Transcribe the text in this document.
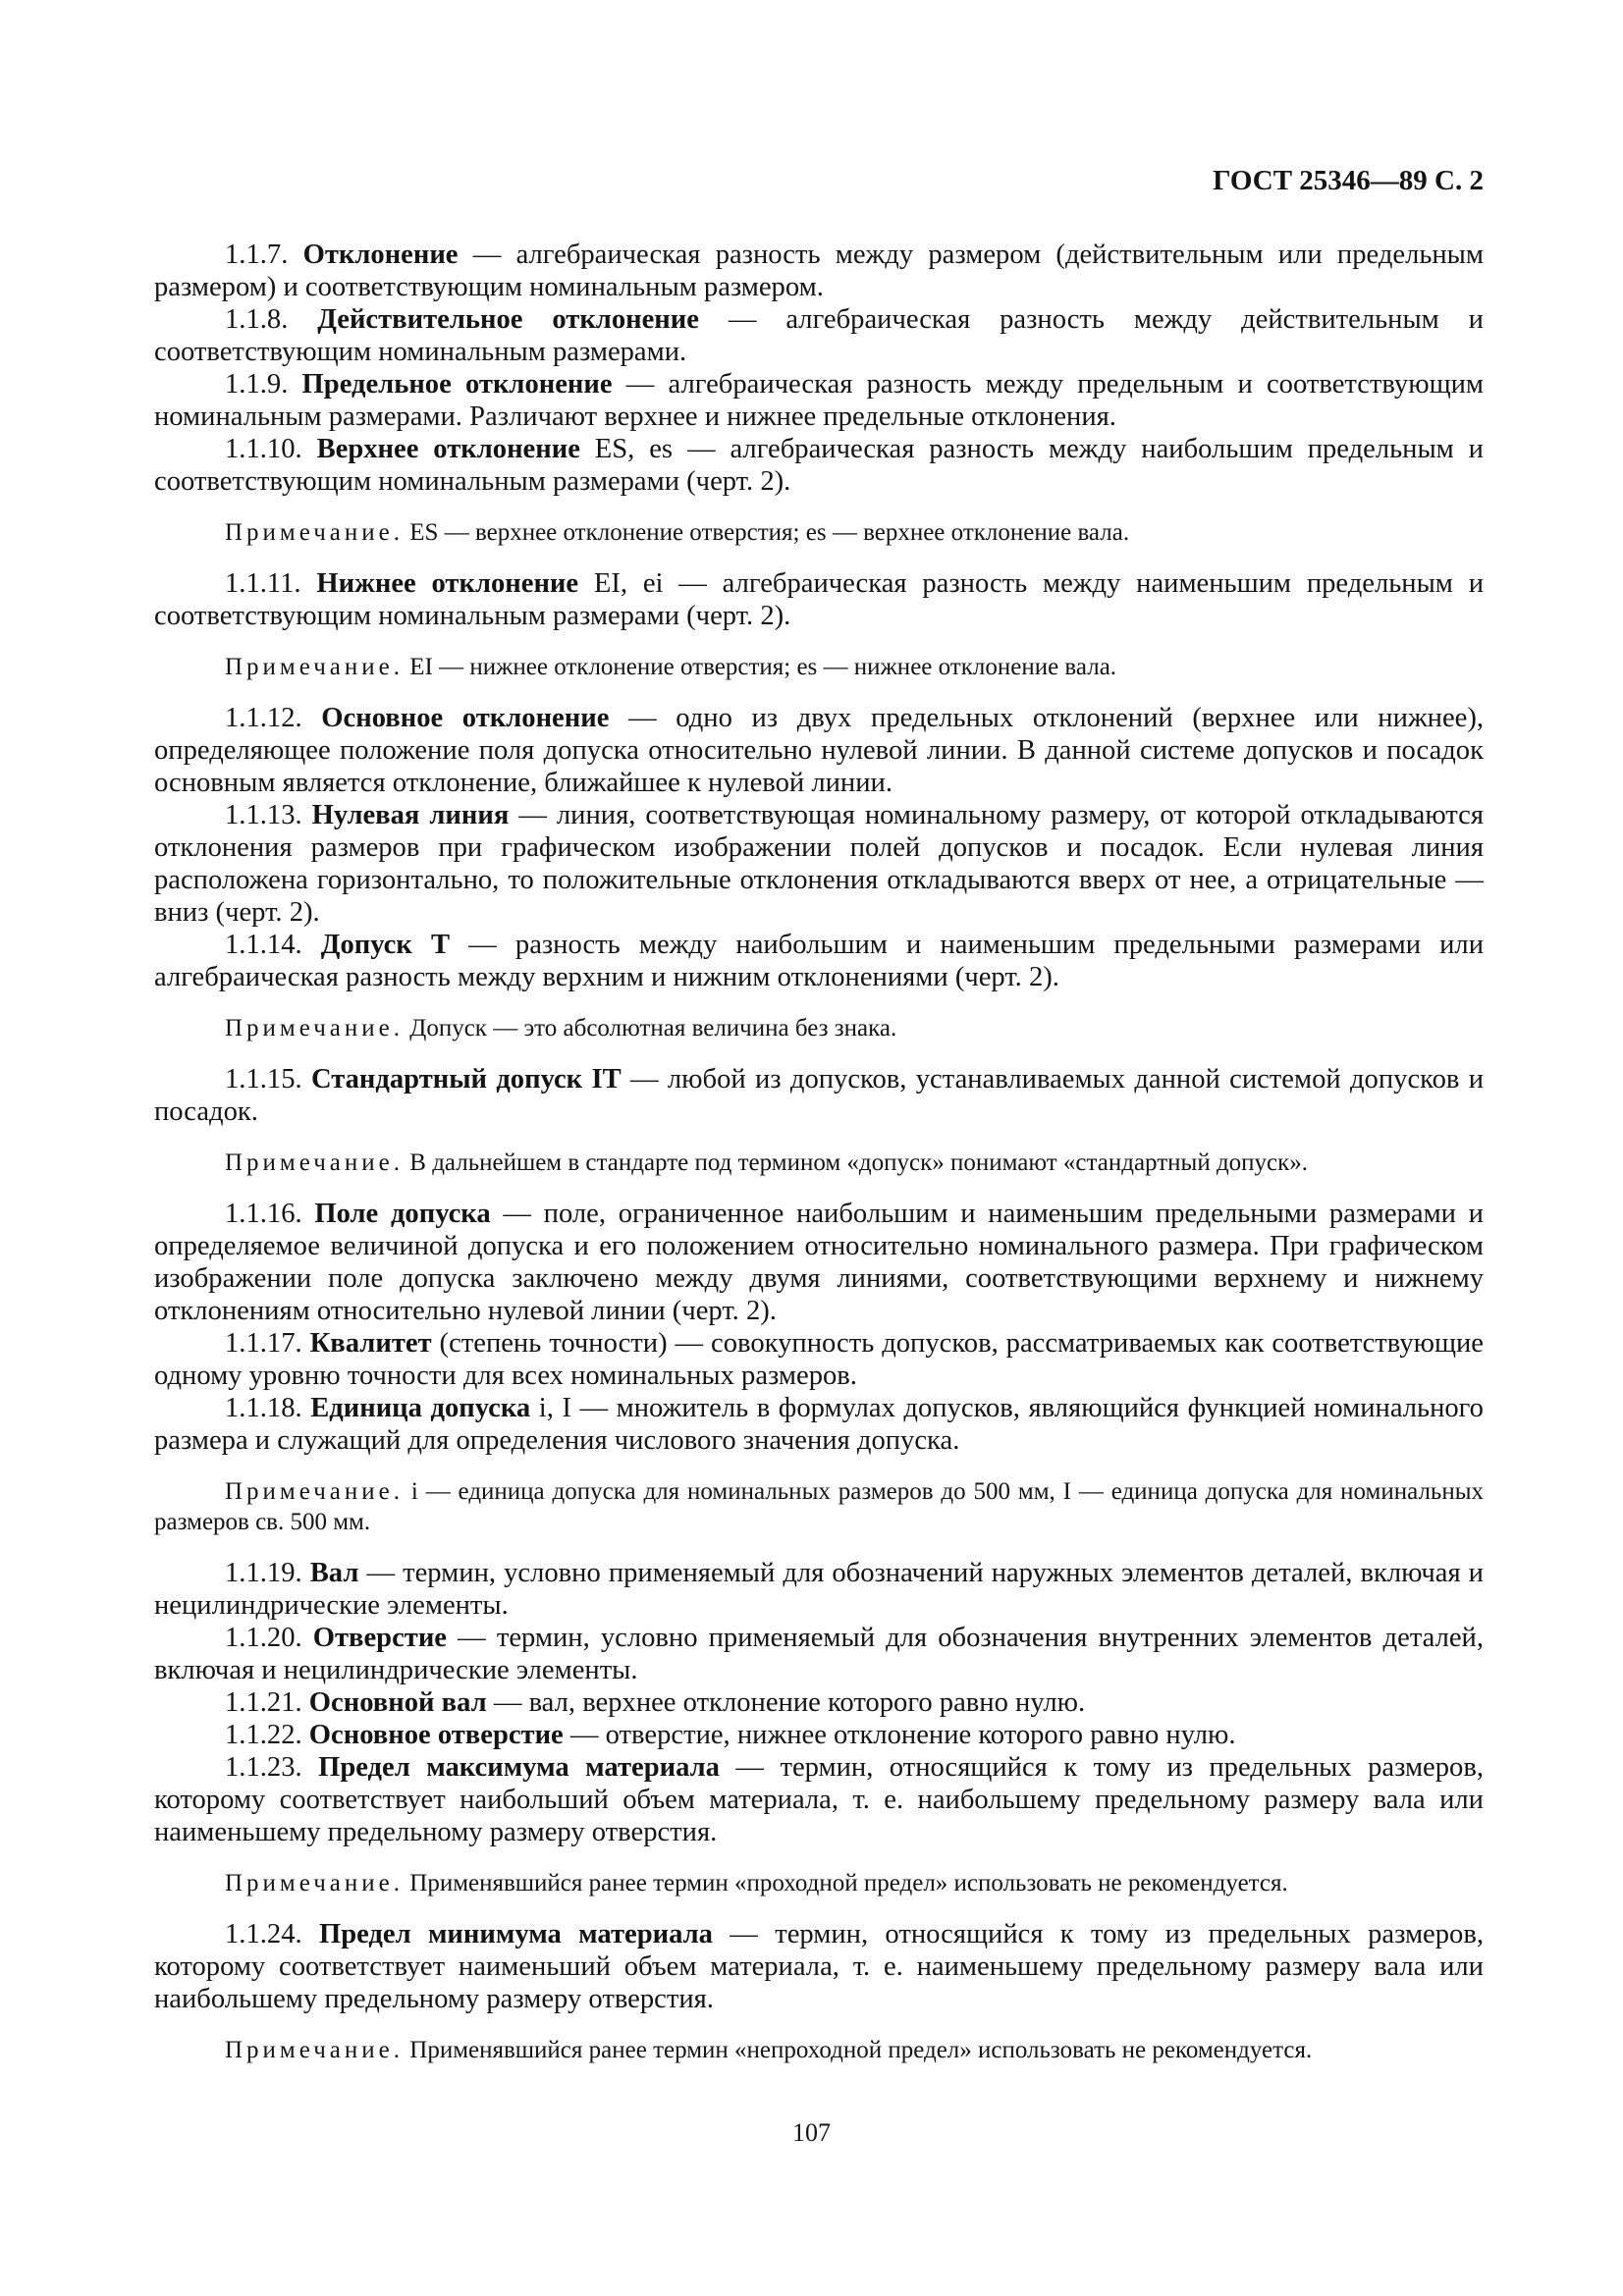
ГОСТ 25346—89 С. 2

1.1.7. Отклонение — алгебраическая разность между размером (действительным или предельным размером) и соответствующим номинальным размером.

1.1.8. Действительное отклонение — алгебраическая разность между действительным и соответствующим номинальным размерами.

1.1.9. Предельное отклонение — алгебраическая разность между предельным и соответствующим номинальным размерами. Различают верхнее и нижнее предельные отклонения.

1.1.10. Верхнее отклонение ES, es — алгебраическая разность между наибольшим предельным и соответствующим номинальным размерами (черт. 2).

Примечание. ES — верхнее отклонение отверстия; es — верхнее отклонение вала.

1.1.11. Нижнее отклонение EI, ei — алгебраическая разность между наименьшим предельным и соответствующим номинальным размерами (черт. 2).

Примечание. EI — нижнее отклонение отверстия; es — нижнее отклонение вала.

1.1.12. Основное отклонение — одно из двух предельных отклонений (верхнее или нижнее), определяющее положение поля допуска относительно нулевой линии. В данной системе допусков и посадок основным является отклонение, ближайшее к нулевой линии.

1.1.13. Нулевая линия — линия, соответствующая номинальному размеру, от которой откладываются отклонения размеров при графическом изображении полей допусков и посадок. Если нулевая линия расположена горизонтально, то положительные отклонения откладываются вверх от нее, а отрицательные — вниз (черт. 2).

1.1.14. Допуск Т — разность между наибольшим и наименьшим предельными размерами или алгебраическая разность между верхним и нижним отклонениями (черт. 2).

Примечание. Допуск — это абсолютная величина без знака.

1.1.15. Стандартный допуск IT — любой из допусков, устанавливаемых данной системой допусков и посадок.

Примечание. В дальнейшем в стандарте под термином «допуск» понимают «стандартный допуск».

1.1.16. Поле допуска — поле, ограниченное наибольшим и наименьшим предельными размерами и определяемое величиной допуска и его положением относительно номинального размера. При графическом изображении поле допуска заключено между двумя линиями, соответствующими верхнему и нижнему отклонениям относительно нулевой линии (черт. 2).

1.1.17. Квалитет (степень точности) — совокупность допусков, рассматриваемых как соответствующие одному уровню точности для всех номинальных размеров.

1.1.18. Единица допуска i, I — множитель в формулах допусков, являющийся функцией номинального размера и служащий для определения числового значения допуска.

Примечание. i — единица допуска для номинальных размеров до 500 мм, I — единица допуска для номинальных размеров св. 500 мм.

1.1.19. Вал — термин, условно применяемый для обозначений наружных элементов деталей, включая и нецилиндрические элементы.

1.1.20. Отверстие — термин, условно применяемый для обозначения внутренних элементов деталей, включая и нецилиндрические элементы.

1.1.21. Основной вал — вал, верхнее отклонение которого равно нулю.

1.1.22. Основное отверстие — отверстие, нижнее отклонение которого равно нулю.

1.1.23. Предел максимума материала — термин, относящийся к тому из предельных размеров, которому соответствует наибольший объем материала, т. е. наибольшему предельному размеру вала или наименьшему предельному размеру отверстия.

Примечание. Применявшийся ранее термин «проходной предел» использовать не рекомендуется.

1.1.24. Предел минимума материала — термин, относящийся к тому из предельных размеров, которому соответствует наименьший объем материала, т. е. наименьшему предельному размеру вала или наибольшему предельному размеру отверстия.

Примечание. Применявшийся ранее термин «непроходной предел» использовать не рекомендуется.

107
